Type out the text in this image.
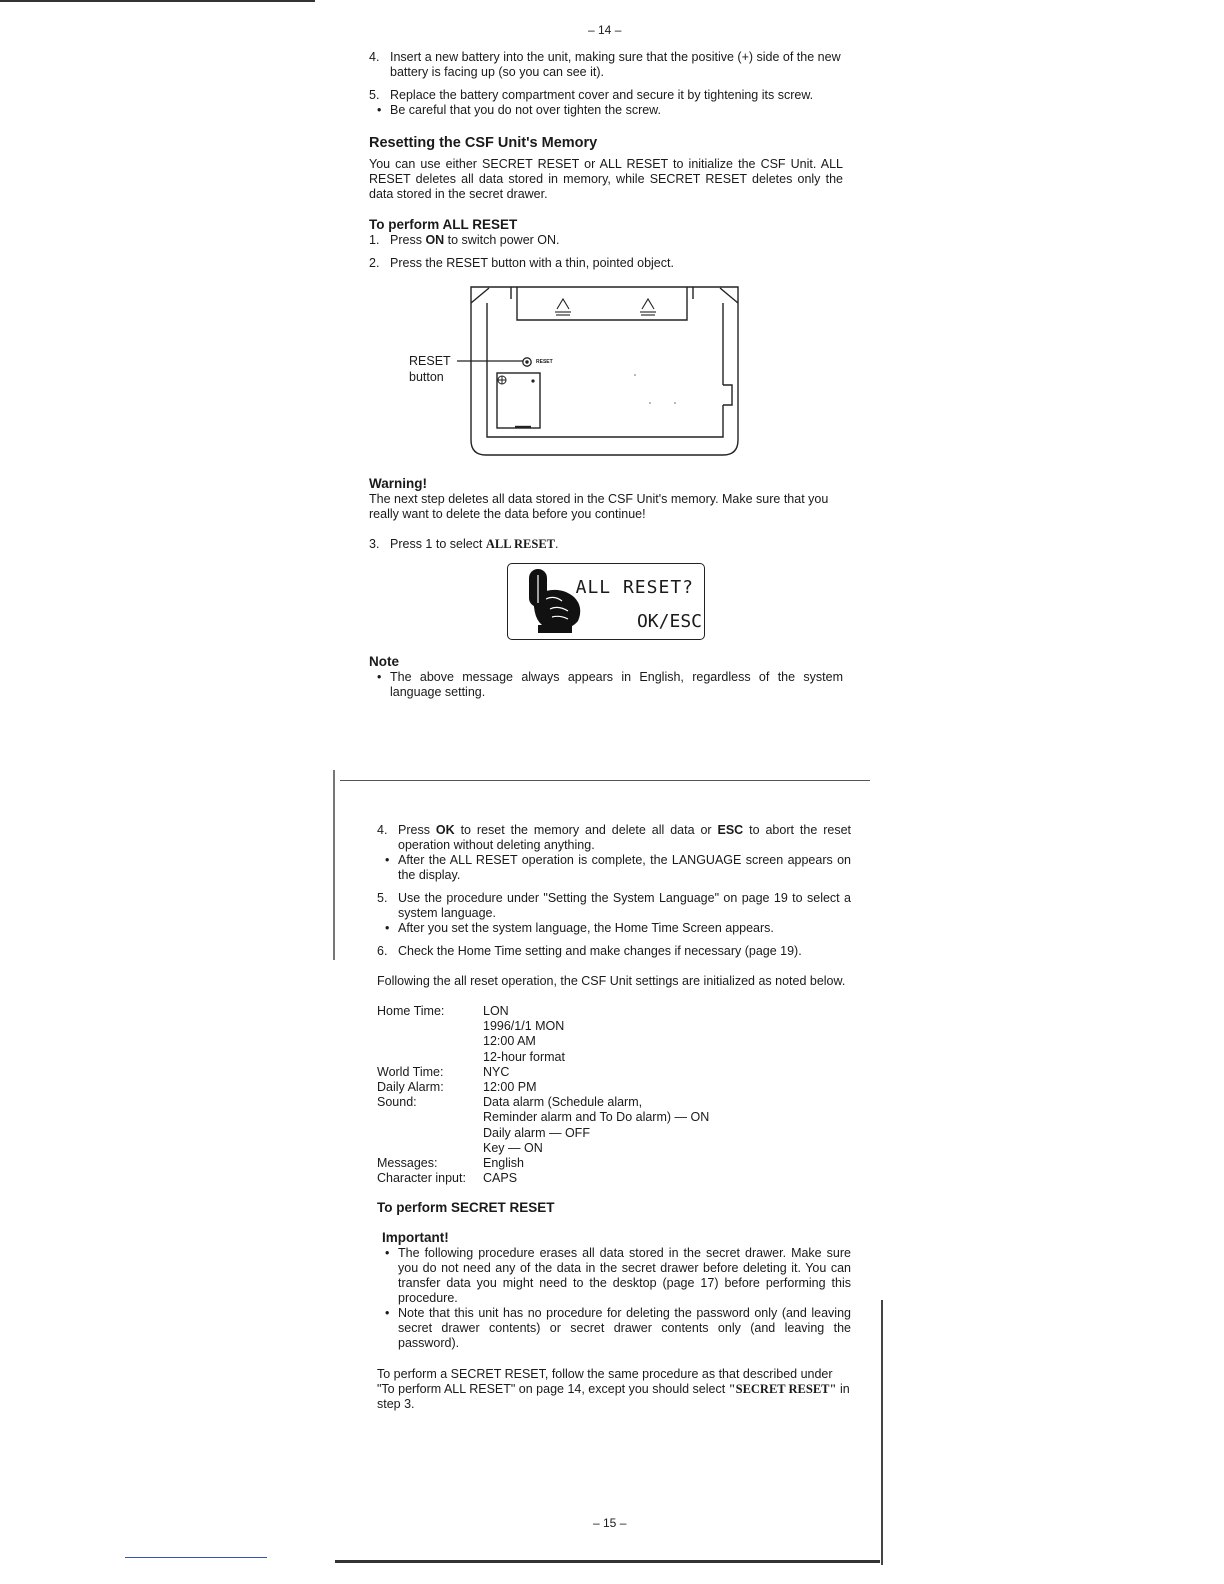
– 14 –
4. Insert a new battery into the unit, making sure that the positive (+) side of the new battery is facing up (so you can see it).
5. Replace the battery compartment cover and secure it by tightening its screw.
• Be careful that you do not over tighten the screw.
Resetting the CSF Unit's Memory
You can use either SECRET RESET or ALL RESET to initialize the CSF Unit. ALL RESET deletes all data stored in memory, while SECRET RESET deletes only the data stored in the secret drawer.
To perform ALL RESET
1. Press ON to switch power ON.
2. Press the RESET button with a thin, pointed object.
RESET
button
RESET
Warning!
The next step deletes all data stored in the CSF Unit's memory. Make sure that you really want to delete the data before you continue!
3. Press 1 to select ALL RESET.
ALL RESET?
OK/ESC
Note
• The above message always appears in English, regardless of the system language setting.
4. Press OK to reset the memory and delete all data or ESC to abort the reset operation without deleting anything.
• After the ALL RESET operation is complete, the LANGUAGE screen appears on the display.
5. Use the procedure under "Setting the System Language" on page 19 to select a system language.
• After you set the system language, the Home Time Screen appears.
6. Check the Home Time setting and make changes if necessary (page 19).
Following the all reset operation, the CSF Unit settings are initialized as noted below.
Home Time:	LON
1996/1/1 MON
12:00 AM
12-hour format

World Time:	NYC
Daily Alarm:	12:00 PM
Sound:	Data alarm (Schedule alarm,
Reminder alarm and To Do alarm) — ON
Daily alarm — OFF
Key — ON

Messages:	English
Character input:	CAPS
To perform SECRET RESET
Important!
• The following procedure erases all data stored in the secret drawer. Make sure you do not need any of the data in the secret drawer before deleting it. You can transfer data you might need to the desktop (page 17) before performing this procedure.
• Note that this unit has no procedure for deleting the password only (and leaving secret drawer contents) or secret drawer contents only (and leaving the password).
To perform a SECRET RESET, follow the same procedure as that described under "To perform ALL RESET" on page 14, except you should select "SECRET RESET" in step 3.
– 15 –
